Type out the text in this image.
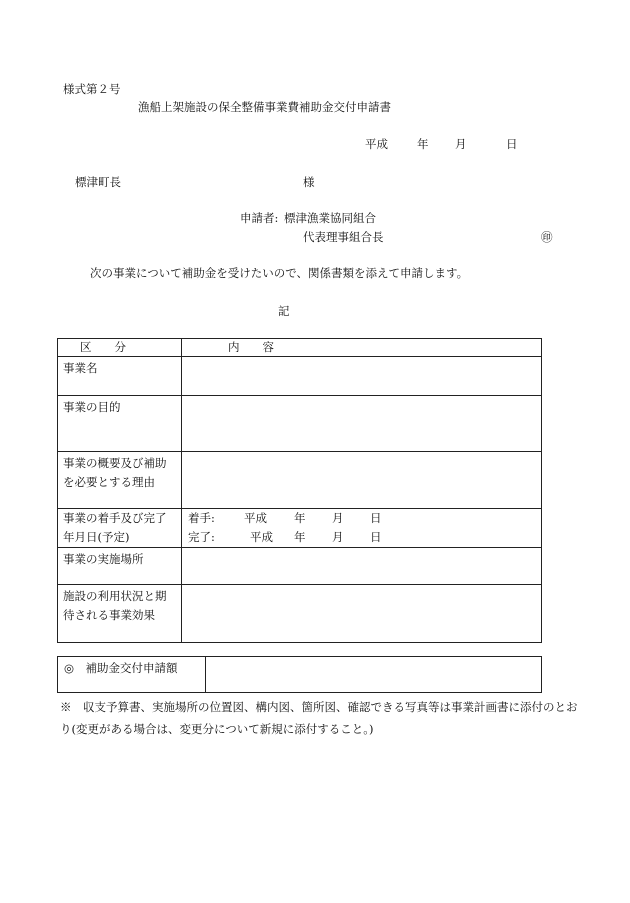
様式第２号
漁船上架施設の保全整備事業費補助金交付申請書
平成	年 月	日
標津町長	様
申請者: 標津漁業協同組合
代表理事組合長	㊞
次の事業について補助金を受けたいので、関係書類を添えて申請します。
記
区　　分	内　　容

事業名	

事業の目的	

事業の概要及び補助を必要とする理由	

事業の着手及び完了年月日(予定)	着手: 平成 年 月 日
完了: 平成 年 月 日

事業の実施場所	

施設の利用状況と期待される事業効果	

◎　補助金交付申請額

※　収支予算書、実施場所の位置図、構内図、箇所図、確認できる写真等は事業計画書に添付のとおり(変更がある場合は、変更分について新規に添付すること。)
